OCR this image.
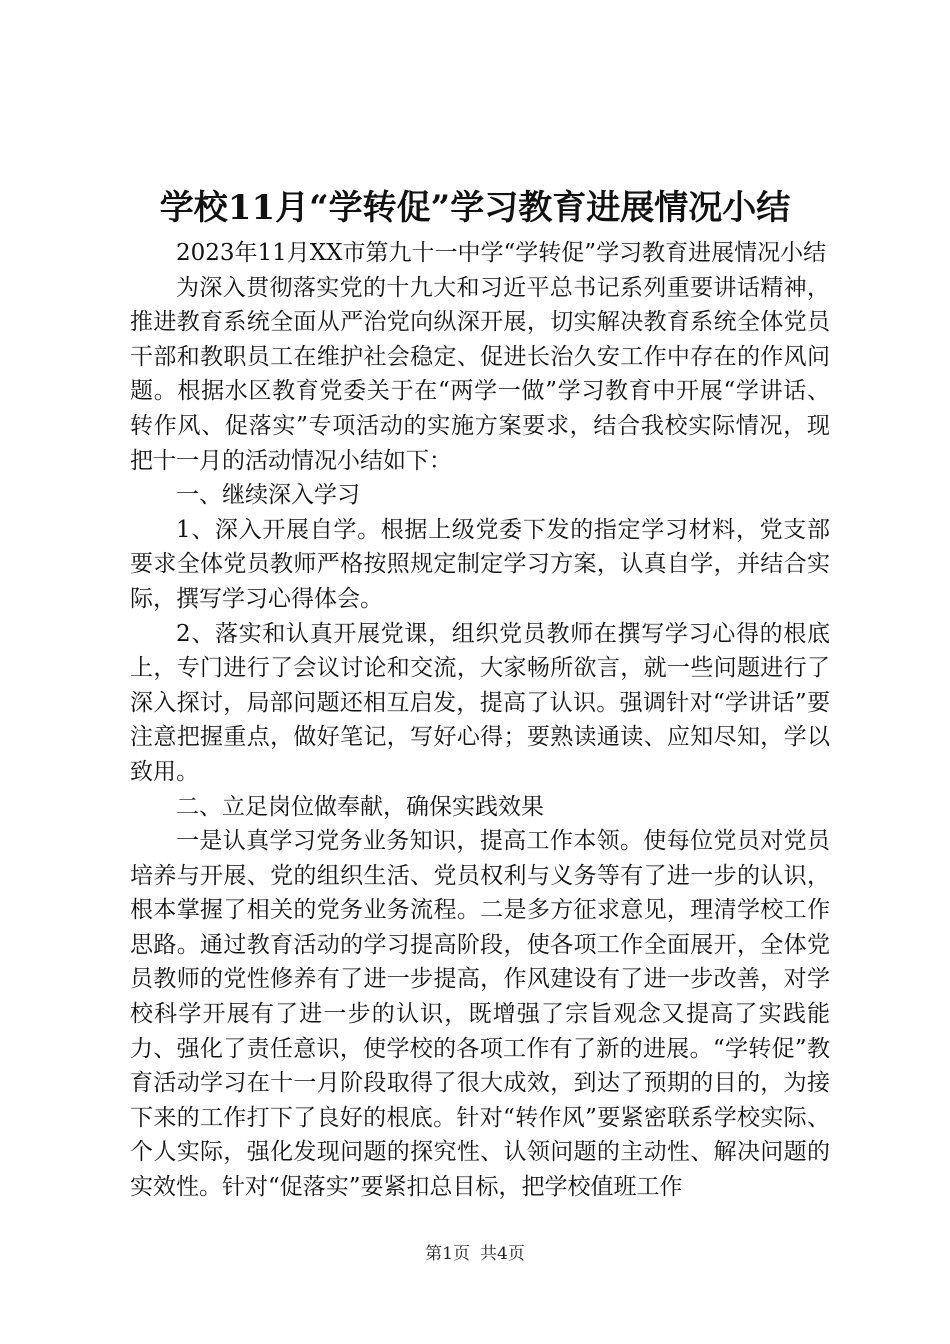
学校11月“学转促”学习教育进展情况小结

2023年11月XX市第九十一中学“学转促”学习教育进展情况小结

为深入贯彻落实党的十九大和习近平总书记系列重要讲话精神，推进教育系统全面从严治党向纵深开展，切实解决教育系统全体党员干部和教职员工在维护社会稳定、促进长治久安工作中存在的作风问题。根据水区教育党委关于在“两学一做”学习教育中开展“学讲话、转作风、促落实”专项活动的实施方案要求，结合我校实际情况，现把十一月的活动情况小结如下：

一、继续深入学习

1、深入开展自学。根据上级党委下发的指定学习材料，党支部要求全体党员教师严格按照规定制定学习方案，认真自学，并结合实际，撰写学习心得体会。

2、落实和认真开展党课，组织党员教师在撰写学习心得的根底上，专门进行了会议讨论和交流，大家畅所欲言，就一些问题进行了深入探讨，局部问题还相互启发，提高了认识。强调针对“学讲话”要注意把握重点，做好笔记，写好心得；要熟读通读、应知尽知，学以致用。

二、立足岗位做奉献，确保实践效果

一是认真学习党务业务知识，提高工作本领。使每位党员对党员培养与开展、党的组织生活、党员权利与义务等有了进一步的认识，根本掌握了相关的党务业务流程。二是多方征求意见，理清学校工作思路。通过教育活动的学习提高阶段，使各项工作全面展开，全体党员教师的党性修养有了进一步提高，作风建设有了进一步改善，对学校科学开展有了进一步的认识，既增强了宗旨观念又提高了实践能力、强化了责任意识，使学校的各项工作有了新的进展。“学转促”教育活动学习在十一月阶段取得了很大成效，到达了预期的目的，为接下来的工作打下了良好的根底。针对“转作风”要紧密联系学校实际、个人实际，强化发现问题的探究性、认领问题的主动性、解决问题的实效性。针对“促落实”要紧扣总目标，把学校值班工作

第1页 共4页
